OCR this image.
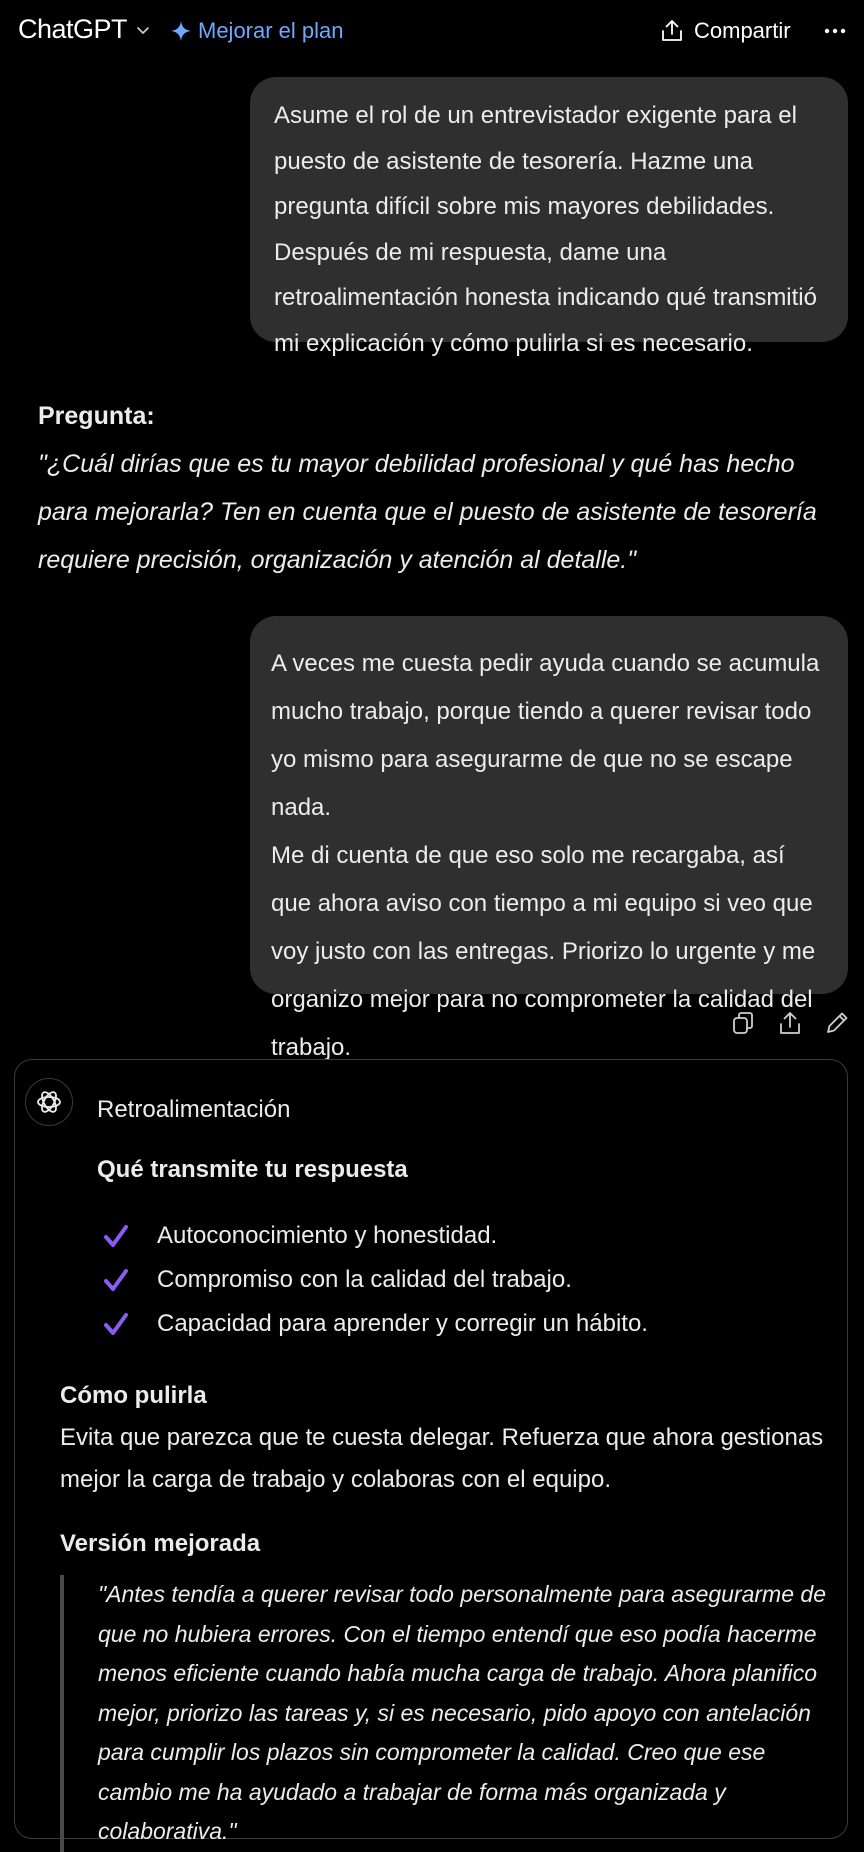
ChatGPT	Mejorar el plan	Compartir
Asume el rol de un entrevistador exigente para el puesto de asistente de tesorería. Hazme una pregunta difícil sobre mis mayores debilidades. Después de mi respuesta, dame una retroalimentación honesta indicando qué transmitió mi explicación y cómo pulirla si es necesario.
Pregunta:
"¿Cuál dirías que es tu mayor debilidad profesional y qué has hecho para mejorarla? Ten en cuenta que el puesto de asistente de tesorería requiere precisión, organización y atención al detalle."

A veces me cuesta pedir ayuda cuando se acumula mucho trabajo, porque tiendo a querer revisar todo yo mismo para asegurarme de que no se escape nada.

Me di cuenta de que eso solo me recargaba, así que ahora aviso con tiempo a mi equipo si veo que voy justo con las entregas. Priorizo lo urgente y me organizo mejor para no comprometer la calidad del trabajo.

Retroalimentación
Qué transmite tu respuesta
Autoconocimiento y honestidad.
Compromiso con la calidad del trabajo.
Capacidad para aprender y corregir un hábito.
Cómo pulirla
Evita que parezca que te cuesta delegar. Refuerza que ahora gestionas mejor la carga de trabajo y colaboras con el equipo.
Versión mejorada
"Antes tendía a querer revisar todo personalmente para asegurarme de que no hubiera errores. Con el tiempo entendí que eso podía hacerme menos eficiente cuando había mucha carga de trabajo. Ahora planifico mejor, priorizo las tareas y, si es necesario, pido apoyo con antelación para cumplir los plazos sin comprometer la calidad. Creo que ese cambio me ha ayudado a trabajar de forma más organizada y colaborativa."
